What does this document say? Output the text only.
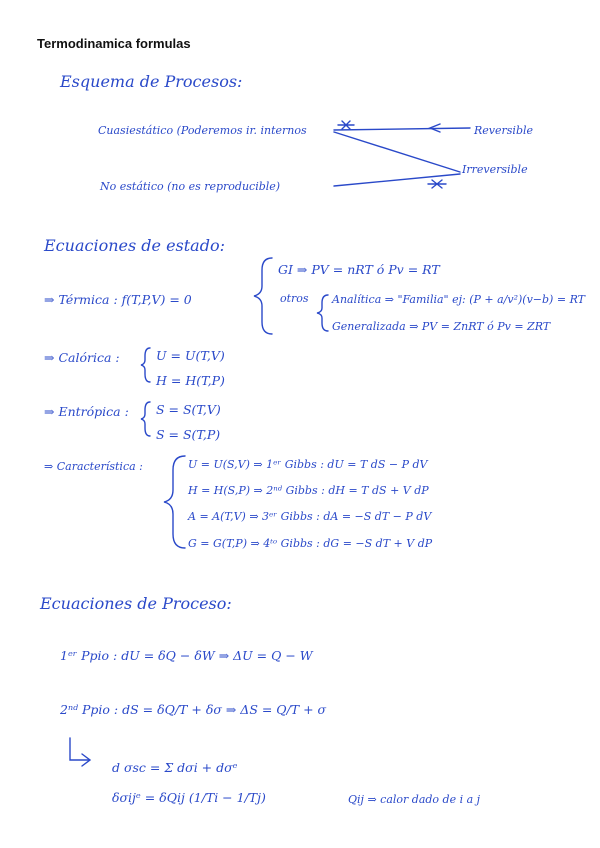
Termodinamica formulas
Esquema de Procesos:
Cuasiestático (Poderemos ir. internos	Reversible
Irreversible
No estático (no es reproducible)
Ecuaciones de estado:
GI ⇒ PV = nRT ó Pv = RT
⇒ Térmica : f(T,P,V) = 0	otros Analítica ⇒ "Familia" ej: (P + a/v²)(v−b) = RT
Generalizada ⇒ PV = ZnRT ó Pv = ZRT
⇒ Calórica :	U = U(T,V)
H = H(T,P)
⇒ Entrópica : S = S(T,V)
S = S(T,P)
⇒ Característica :	U = U(S,V) ⇒ 1ᵉʳ Gibbs : dU = T dS − P dV
H = H(S,P) ⇒ 2ⁿᵈ Gibbs : dH = T dS + V dP
A = A(T,V) ⇒ 3ᵉʳ Gibbs : dA = −S dT − P dV
G = G(T,P) ⇒ 4ᵗᵒ Gibbs : dG = −S dT + V dP
Ecuaciones de Proceso:
1ᵉʳ Ppio : dU = δQ − δW ⇒ ΔU = Q − W
2ⁿᵈ Ppio : dS = δQ/T + δσ ⇒ ΔS = Q/T + σ
d σsc = Σ dσi + dσᵉ
δσijᵉ = δQij (1/Ti − 1/Tj)	Qij ⇒ calor dado de i a j
